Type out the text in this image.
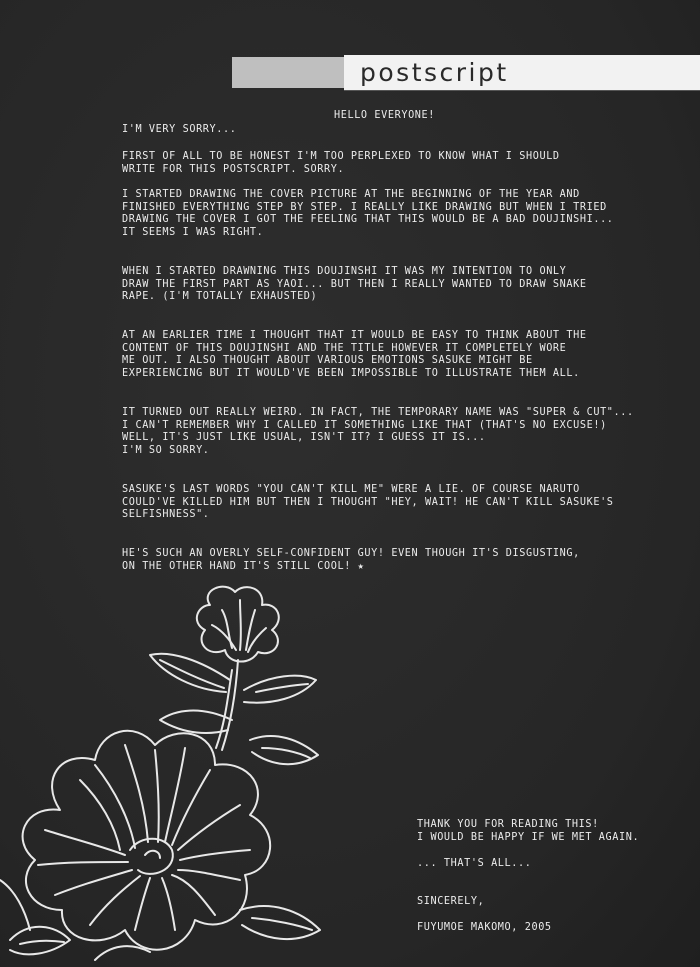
postscript
HELLO EVERYONE!
I'M VERY SORRY...
FIRST OF ALL TO BE HONEST I'M TOO PERPLEXED TO KNOW WHAT I SHOULD
WRITE FOR THIS POSTSCRIPT. SORRY.
I STARTED DRAWING THE COVER PICTURE AT THE BEGINNING OF THE YEAR AND
FINISHED EVERYTHING STEP BY STEP. I REALLY LIKE DRAWING BUT WHEN I TRIED
DRAWING THE COVER I GOT THE FEELING THAT THIS WOULD BE A BAD DOUJINSHI...
IT SEEMS I WAS RIGHT.
WHEN I STARTED DRAWNING THIS DOUJINSHI IT WAS MY INTENTION TO ONLY
DRAW THE FIRST PART AS YAOI... BUT THEN I REALLY WANTED TO DRAW SNAKE
RAPE. (I'M TOTALLY EXHAUSTED)
AT AN EARLIER TIME I THOUGHT THAT IT WOULD BE EASY TO THINK ABOUT THE
CONTENT OF THIS DOUJINSHI AND THE TITLE HOWEVER IT COMPLETELY WORE
ME OUT. I ALSO THOUGHT ABOUT VARIOUS EMOTIONS SASUKE MIGHT BE
EXPERIENCING BUT IT WOULD'VE BEEN IMPOSSIBLE TO ILLUSTRATE THEM ALL.
IT TURNED OUT REALLY WEIRD. IN FACT, THE TEMPORARY NAME WAS "SUPER & CUT"...
I CAN'T REMEMBER WHY I CALLED IT SOMETHING LIKE THAT (THAT'S NO EXCUSE!)
WELL, IT'S JUST LIKE USUAL, ISN'T IT? I GUESS IT IS...
I'M SO SORRY.
SASUKE'S LAST WORDS "YOU CAN'T KILL ME" WERE A LIE. OF COURSE NARUTO
COULD'VE KILLED HIM BUT THEN I THOUGHT "HEY, WAIT! HE CAN'T KILL SASUKE'S
SELFISHNESS".
HE'S SUCH AN OVERLY SELF-CONFIDENT GUY! EVEN THOUGH IT'S DISGUSTING,
ON THE OTHER HAND IT'S STILL COOL! ★
THANK YOU FOR READING THIS!
I WOULD BE HAPPY IF WE MET AGAIN.
... THAT'S ALL...
SINCERELY,
FUYUMOE MAKOMO, 2005
